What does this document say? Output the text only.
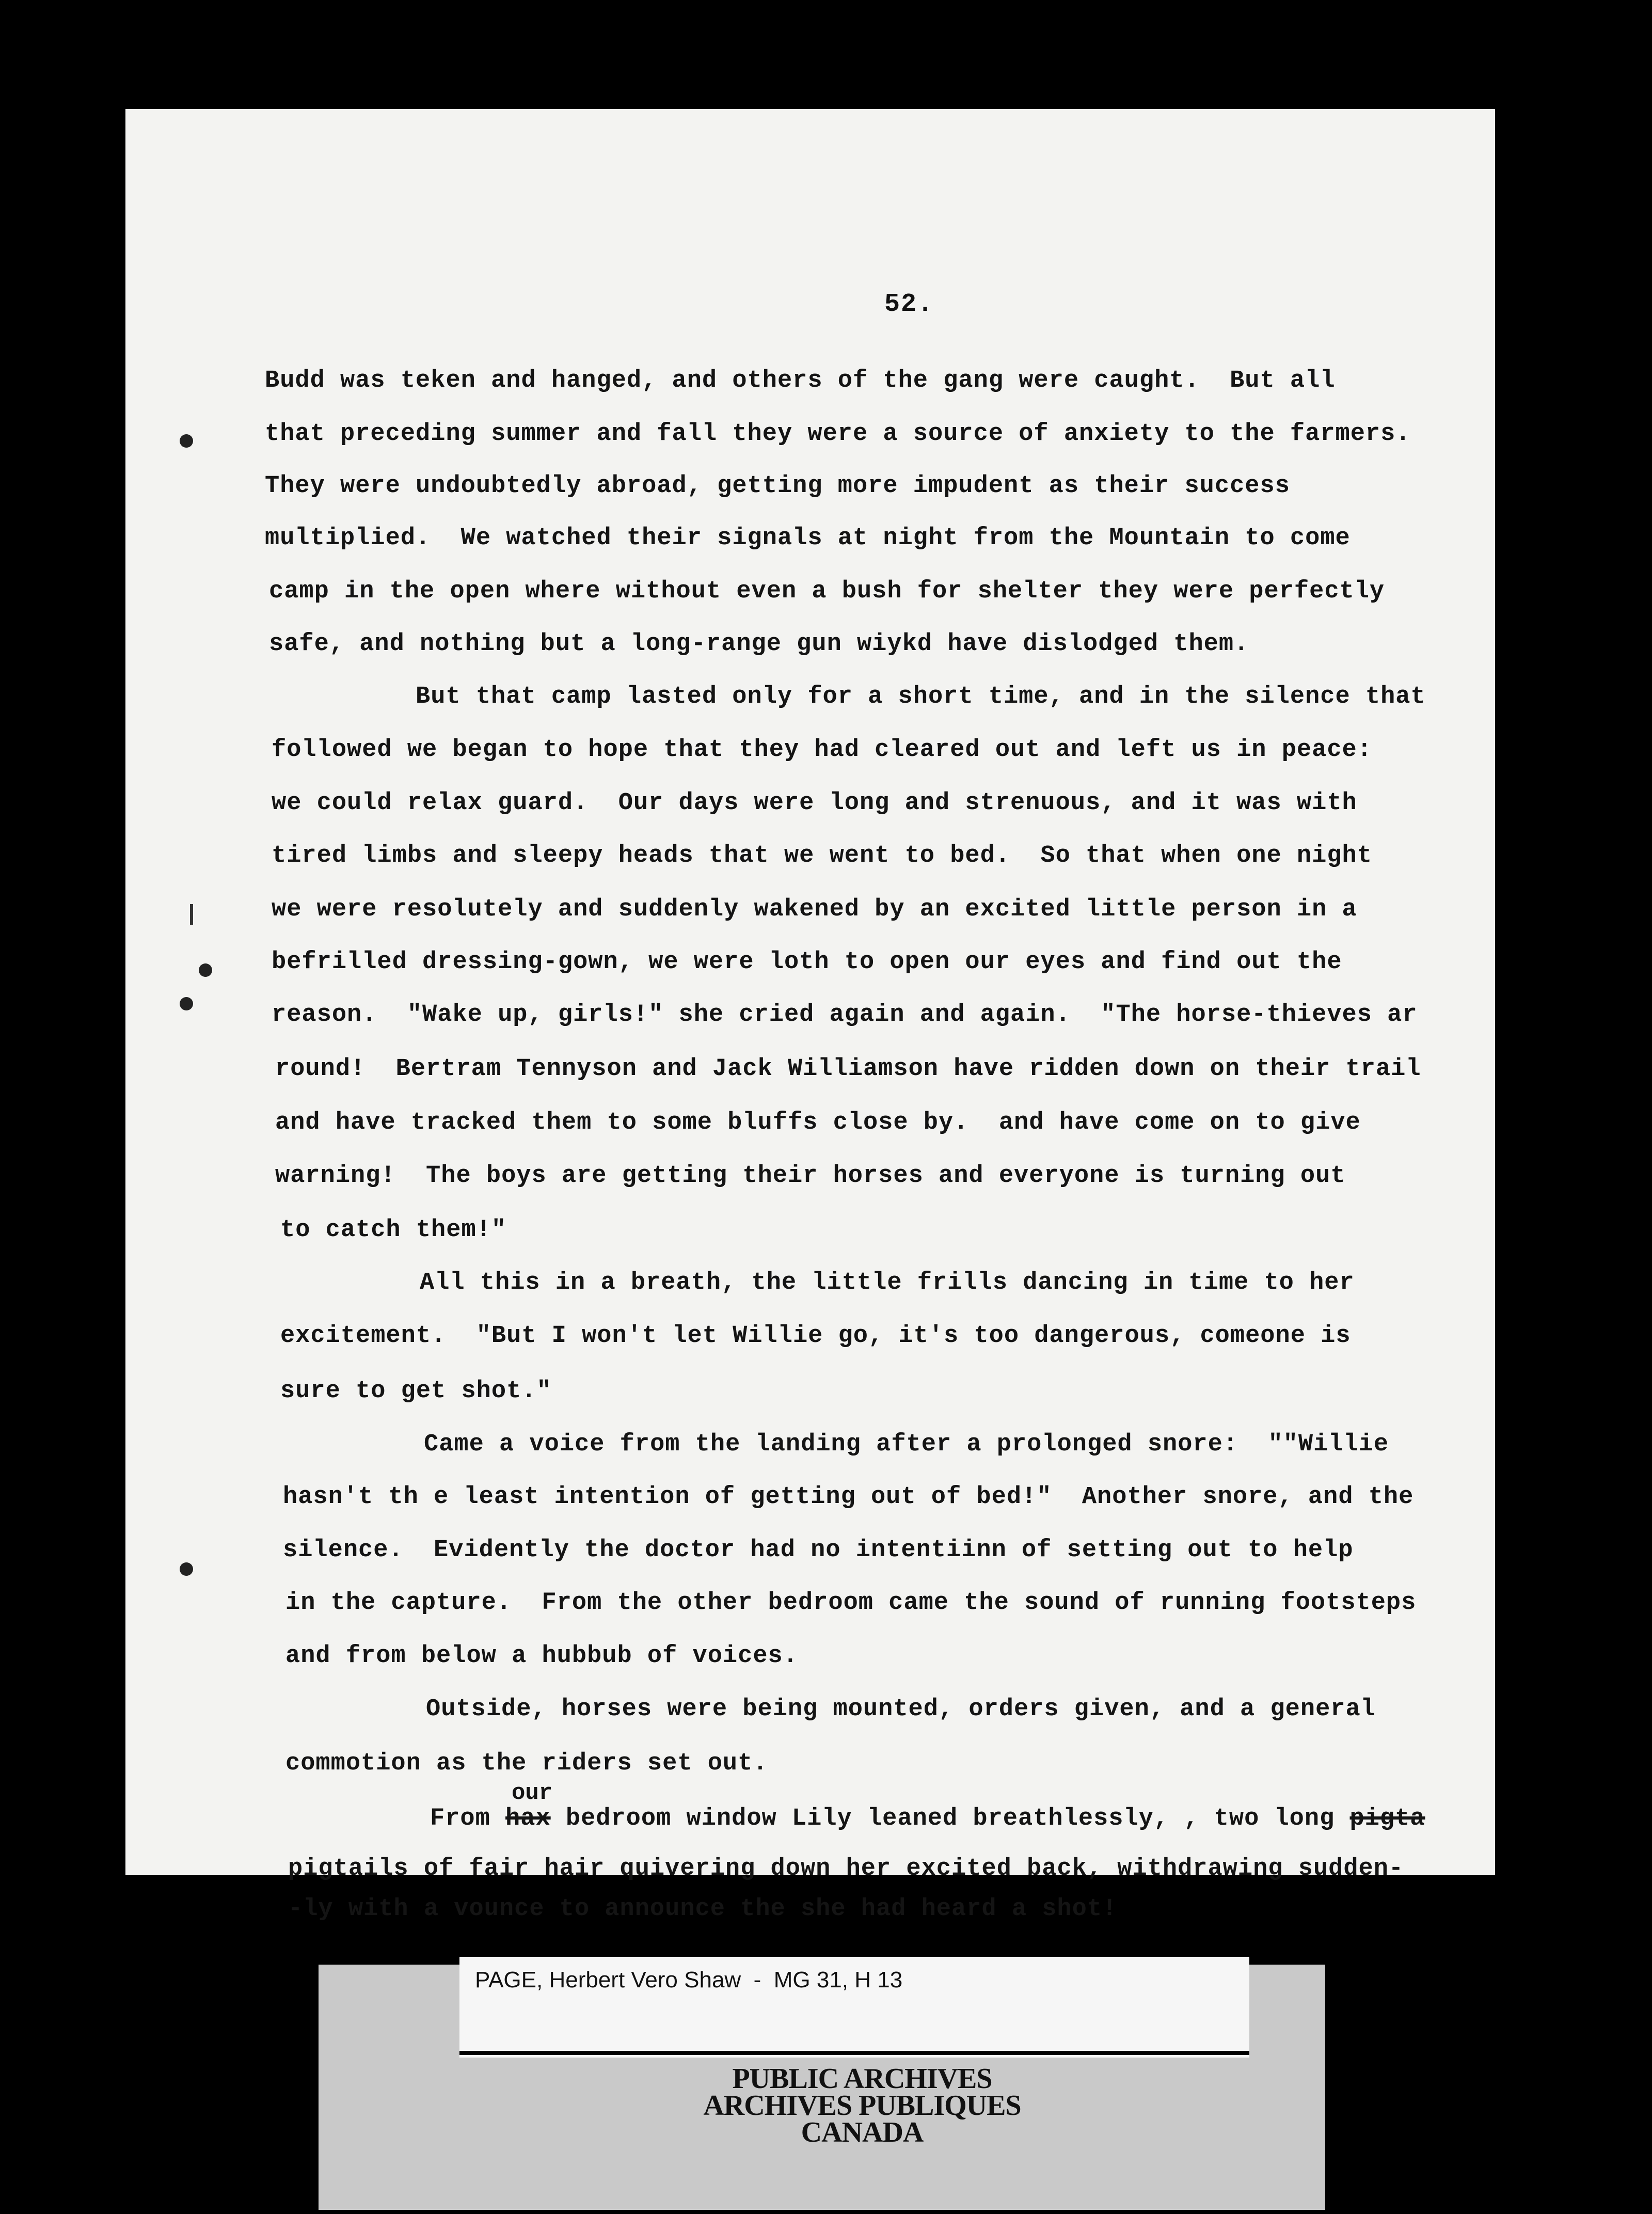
52.
Budd was teken and hanged, and others of the gang were caught.  But all
that preceding summer and fall they were a source of anxiety to the farmers.
They were undoubtedly abroad, getting more impudent as their success
multiplied.  We watched their signals at night from the Mountain to come
camp in the open where without even a bush for shelter they were perfectly
safe, and nothing but a long-range gun wiykd have dislodged them.
But that camp lasted only for a short time, and in the silence that
followed we began to hope that they had cleared out and left us in peace:
we could relax guard.  Our days were long and strenuous, and it was with
tired limbs and sleepy heads that we went to bed.  So that when one night
we were resolutely and suddenly wakened by an excited little person in a
befrilled dressing-gown, we were loth to open our eyes and find out the
reason.  "Wake up, girls!" she cried again and again.  "The horse-thieves ar
round!  Bertram Tennyson and Jack Williamson have ridden down on their trail
and have tracked them to some bluffs close by.  and have come on to give
warning!  The boys are getting their horses and everyone is turning out
to catch them!"
All this in a breath, the little frills dancing in time to her
excitement.  "But I won't let Willie go, it's too dangerous, comeone is
sure to get shot."
Came a voice from the landing after a prolonged snore:  ""Willie
hasn't th e least intention of getting out of bed!"  Another snore, and the
silence.  Evidently the doctor had no intentiinn of setting out to help
in the capture.  From the other bedroom came the sound of running footsteps
and from below a hubbub of voices.
Outside, horses were being mounted, orders given, and a general
commotion as the riders set out.
our
From hax bedroom window Lily leaned breathlessly, , two long pigta
pigtails of fair hair quivering down her excited back, withdrawing sudden-
-ly with a vounce to announce the she had heard a shot!
PAGE, Herbert Vero Shaw  -  MG 31, H 13
PUBLIC ARCHIVES
ARCHIVES PUBLIQUES
CANADA
